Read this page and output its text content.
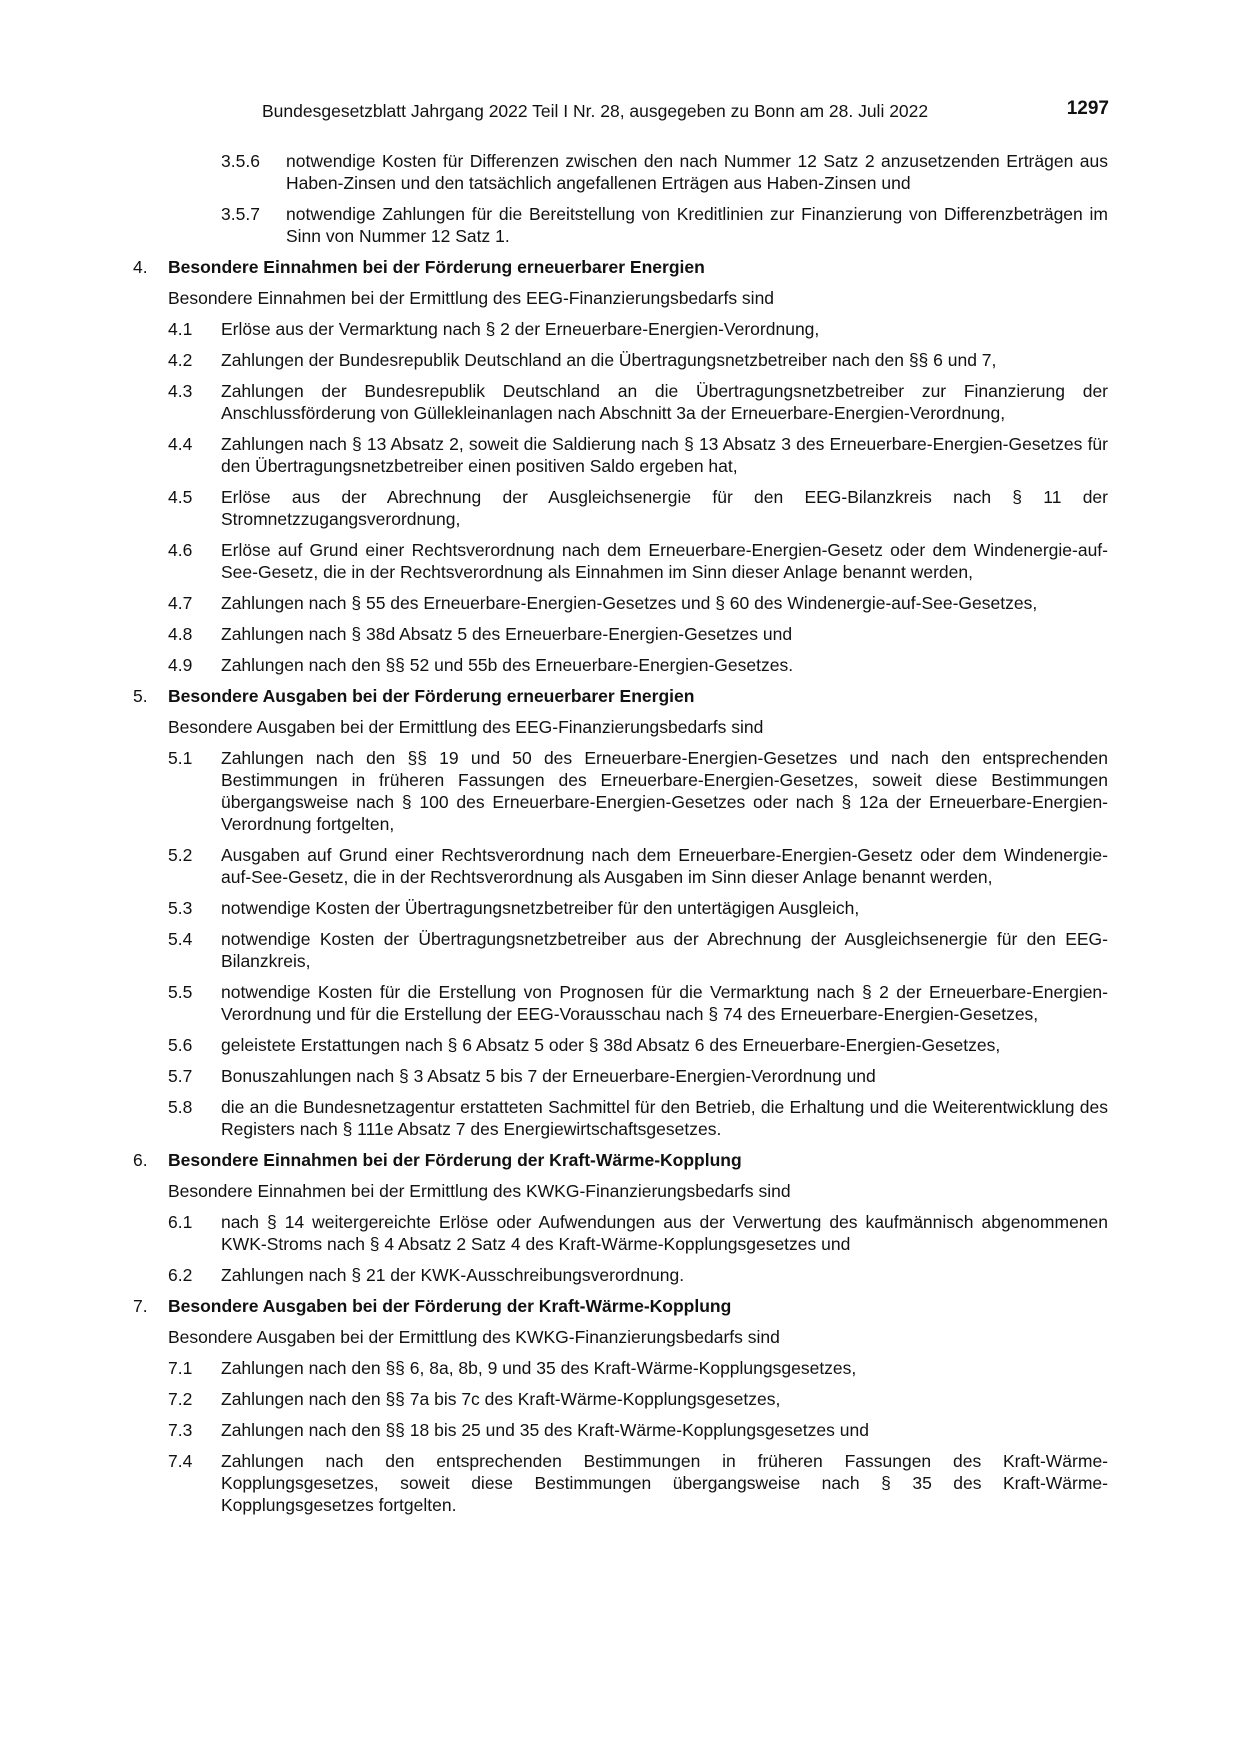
Bundesgesetzblatt Jahrgang 2022 Teil I Nr. 28, ausgegeben zu Bonn am 28. Juli 2022	1297
3.5.6 notwendige Kosten für Differenzen zwischen den nach Nummer 12 Satz 2 anzusetzenden Erträgen aus Haben-Zinsen und den tatsächlich angefallenen Erträgen aus Haben-Zinsen und
3.5.7 notwendige Zahlungen für die Bereitstellung von Kreditlinien zur Finanzierung von Differenzbeträgen im Sinn von Nummer 12 Satz 1.
4. Besondere Einnahmen bei der Förderung erneuerbarer Energien
Besondere Einnahmen bei der Ermittlung des EEG-Finanzierungsbedarfs sind
4.1 Erlöse aus der Vermarktung nach § 2 der Erneuerbare-Energien-Verordnung,
4.2 Zahlungen der Bundesrepublik Deutschland an die Übertragungsnetzbetreiber nach den §§ 6 und 7,
4.3 Zahlungen der Bundesrepublik Deutschland an die Übertragungsnetzbetreiber zur Finanzierung der Anschlussförderung von Güllekleinanlagen nach Abschnitt 3a der Erneuerbare-Energien-Verordnung,
4.4 Zahlungen nach § 13 Absatz 2, soweit die Saldierung nach § 13 Absatz 3 des Erneuerbare-Energien-Gesetzes für den Übertragungsnetzbetreiber einen positiven Saldo ergeben hat,
4.5 Erlöse aus der Abrechnung der Ausgleichsenergie für den EEG-Bilanzkreis nach § 11 der Stromnetzzugangsverordnung,
4.6 Erlöse auf Grund einer Rechtsverordnung nach dem Erneuerbare-Energien-Gesetz oder dem Windenergie-auf-See-Gesetz, die in der Rechtsverordnung als Einnahmen im Sinn dieser Anlage benannt werden,
4.7 Zahlungen nach § 55 des Erneuerbare-Energien-Gesetzes und § 60 des Windenergie-auf-See-Gesetzes,
4.8 Zahlungen nach § 38d Absatz 5 des Erneuerbare-Energien-Gesetzes und
4.9 Zahlungen nach den §§ 52 und 55b des Erneuerbare-Energien-Gesetzes.
5. Besondere Ausgaben bei der Förderung erneuerbarer Energien
Besondere Ausgaben bei der Ermittlung des EEG-Finanzierungsbedarfs sind
5.1 Zahlungen nach den §§ 19 und 50 des Erneuerbare-Energien-Gesetzes und nach den entsprechenden Bestimmungen in früheren Fassungen des Erneuerbare-Energien-Gesetzes, soweit diese Bestimmungen übergangsweise nach § 100 des Erneuerbare-Energien-Gesetzes oder nach § 12a der Erneuerbare-Energien-Verordnung fortgelten,
5.2 Ausgaben auf Grund einer Rechtsverordnung nach dem Erneuerbare-Energien-Gesetz oder dem Windenergie-auf-See-Gesetz, die in der Rechtsverordnung als Ausgaben im Sinn dieser Anlage benannt werden,
5.3 notwendige Kosten der Übertragungsnetzbetreiber für den untertägigen Ausgleich,
5.4 notwendige Kosten der Übertragungsnetzbetreiber aus der Abrechnung der Ausgleichsenergie für den EEG-Bilanzkreis,
5.5 notwendige Kosten für die Erstellung von Prognosen für die Vermarktung nach § 2 der Erneuerbare-Energien-Verordnung und für die Erstellung der EEG-Vorausschau nach § 74 des Erneuerbare-Energien-Gesetzes,
5.6 geleistete Erstattungen nach § 6 Absatz 5 oder § 38d Absatz 6 des Erneuerbare-Energien-Gesetzes,
5.7 Bonuszahlungen nach § 3 Absatz 5 bis 7 der Erneuerbare-Energien-Verordnung und
5.8 die an die Bundesnetzagentur erstatteten Sachmittel für den Betrieb, die Erhaltung und die Weiterentwicklung des Registers nach § 111e Absatz 7 des Energiewirtschaftsgesetzes.
6. Besondere Einnahmen bei der Förderung der Kraft-Wärme-Kopplung
Besondere Einnahmen bei der Ermittlung des KWKG-Finanzierungsbedarfs sind
6.1 nach § 14 weitergereichte Erlöse oder Aufwendungen aus der Verwertung des kaufmännisch abgenommenen KWK-Stroms nach § 4 Absatz 2 Satz 4 des Kraft-Wärme-Kopplungsgesetzes und
6.2 Zahlungen nach § 21 der KWK-Ausschreibungsverordnung.
7. Besondere Ausgaben bei der Förderung der Kraft-Wärme-Kopplung
Besondere Ausgaben bei der Ermittlung des KWKG-Finanzierungsbedarfs sind
7.1 Zahlungen nach den §§ 6, 8a, 8b, 9 und 35 des Kraft-Wärme-Kopplungsgesetzes,
7.2 Zahlungen nach den §§ 7a bis 7c des Kraft-Wärme-Kopplungsgesetzes,
7.3 Zahlungen nach den §§ 18 bis 25 und 35 des Kraft-Wärme-Kopplungsgesetzes und
7.4 Zahlungen nach den entsprechenden Bestimmungen in früheren Fassungen des Kraft-Wärme-Kopplungsgesetzes, soweit diese Bestimmungen übergangsweise nach § 35 des Kraft-Wärme-Kopplungsgesetzes fortgelten.
